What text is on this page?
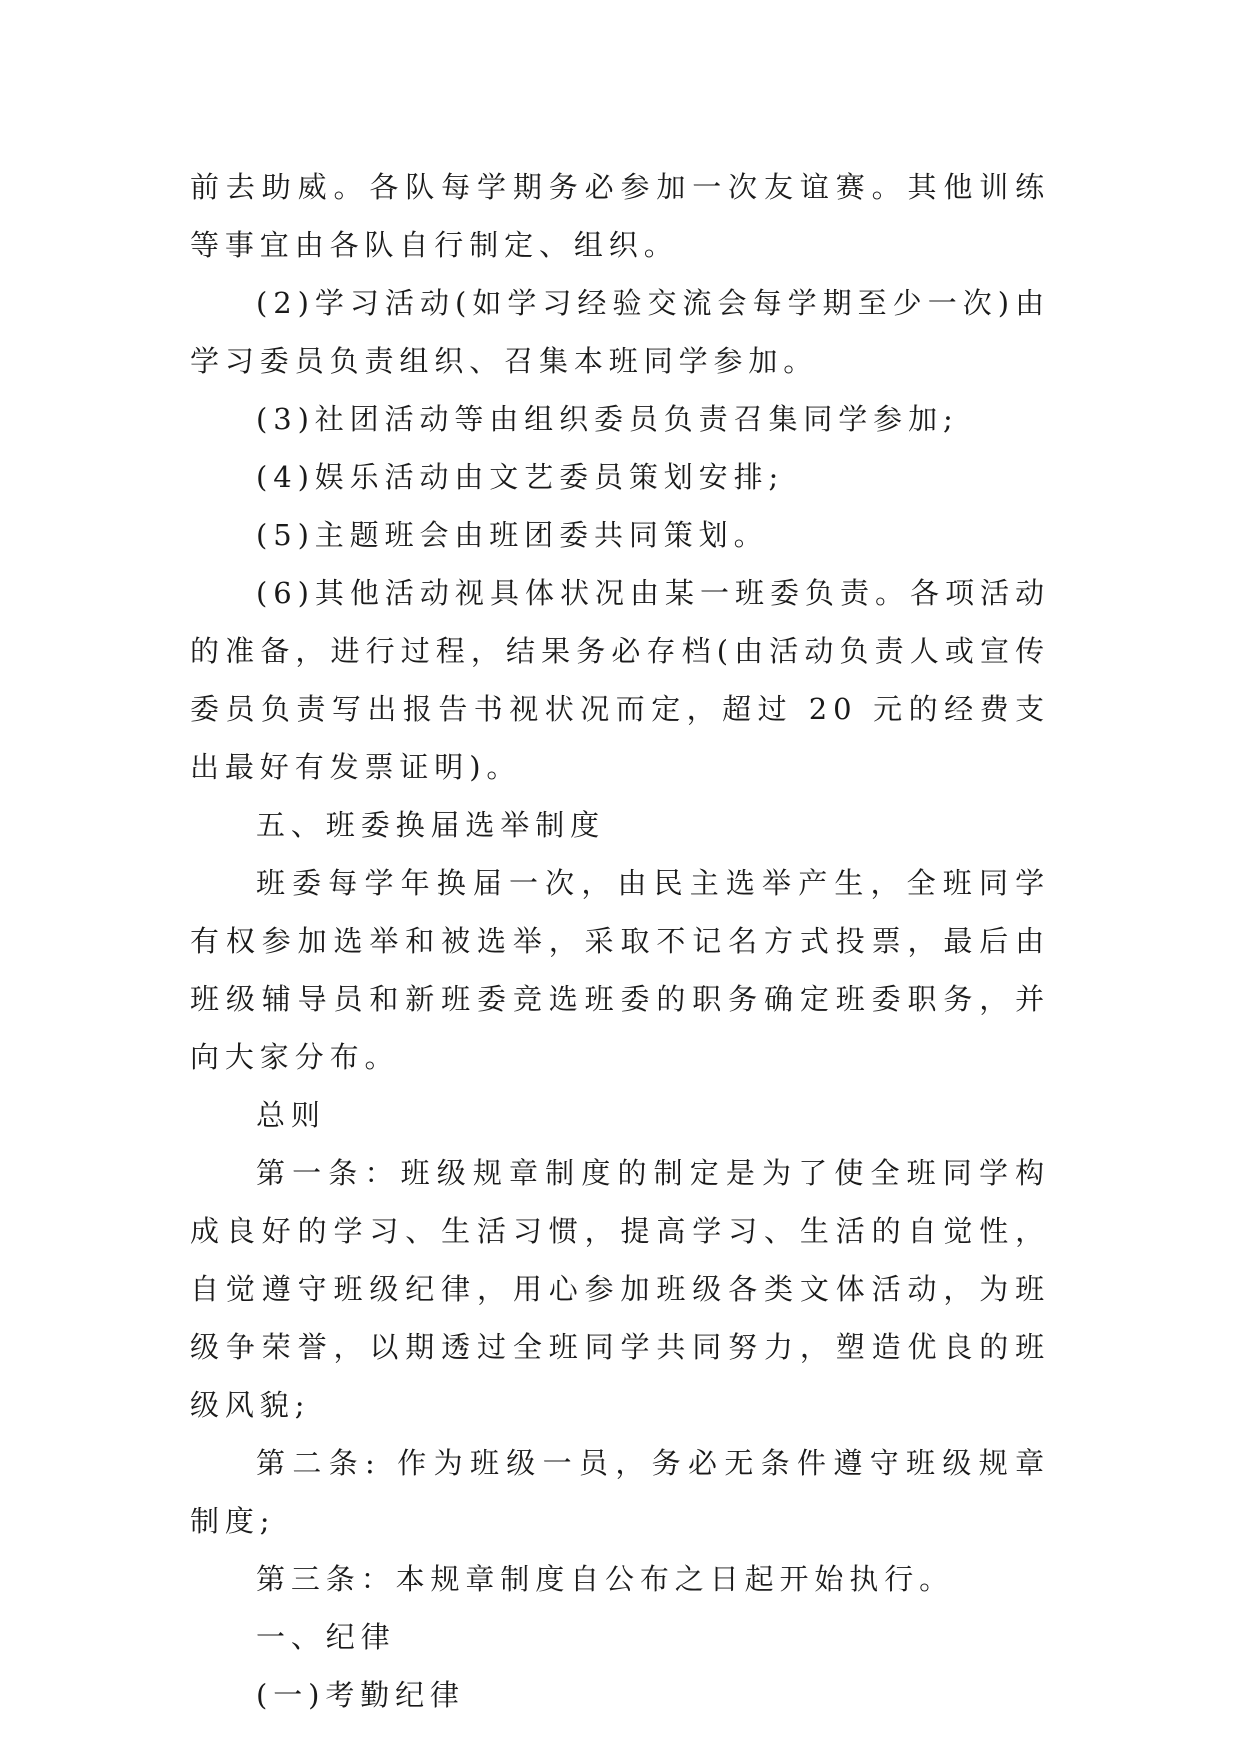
前去助威。各队每学期务必参加一次友谊赛。其他训练等事宜由各队自行制定、组织。

(2)学习活动(如学习经验交流会每学期至少一次)由学习委员负责组织、召集本班同学参加。

(3)社团活动等由组织委员负责召集同学参加;

(4)娱乐活动由文艺委员策划安排;

(5)主题班会由班团委共同策划。

(6)其他活动视具体状况由某一班委负责。各项活动的准备，进行过程，结果务必存档(由活动负责人或宣传委员负责写出报告书视状况而定，超过 20 元的经费支出最好有发票证明)。

五、班委换届选举制度

班委每学年换届一次，由民主选举产生，全班同学有权参加选举和被选举，采取不记名方式投票，最后由班级辅导员和新班委竞选班委的职务确定班委职务，并向大家分布。

总则

第一条：班级规章制度的制定是为了使全班同学构成良好的学习、生活习惯，提高学习、生活的自觉性，自觉遵守班级纪律，用心参加班级各类文体活动，为班级争荣誉，以期透过全班同学共同努力，塑造优良的班级风貌;

第二条: 作为班级一员，务必无条件遵守班级规章制度;

第三条：本规章制度自公布之日起开始执行。

一、纪律

(一)考勤纪律
